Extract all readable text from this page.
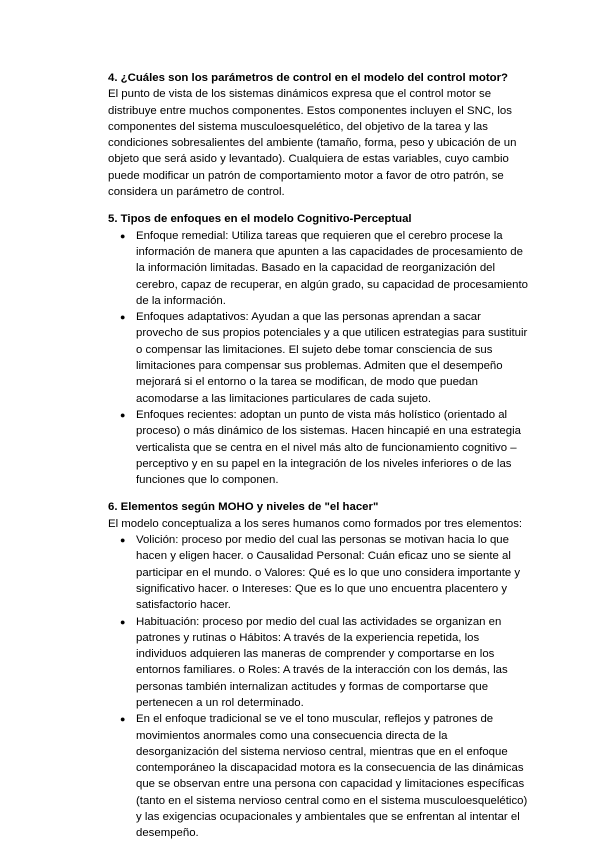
4. ¿Cuáles son los parámetros de control en el modelo del control motor?

El punto de vista de los sistemas dinámicos expresa que el control motor se distribuye entre muchos componentes. Estos componentes incluyen el SNC, los componentes del sistema musculoesquelético, del objetivo de la tarea y las condiciones sobresalientes del ambiente (tamaño, forma, peso y ubicación de un objeto que será asido y levantado). Cualquiera de estas variables, cuyo cambio puede modificar un patrón de comportamiento motor a favor de otro patrón, se considera un parámetro de control.

5. Tipos de enfoques en el modelo Cognitivo-Perceptual

● Enfoque remedial: Utiliza tareas que requieren que el cerebro procese la información de manera que apunten a las capacidades de procesamiento de la información limitadas. Basado en la capacidad de reorganización del cerebro, capaz de recuperar, en algún grado, su capacidad de procesamiento de la información.
● Enfoques adaptativos: Ayudan a que las personas aprendan a sacar provecho de sus propios potenciales y a que utilicen estrategias para sustituir o compensar las limitaciones. El sujeto debe tomar consciencia de sus limitaciones para compensar sus problemas. Admiten que el desempeño mejorará si el entorno o la tarea se modifican, de modo que puedan acomodarse a las limitaciones particulares de cada sujeto.
● Enfoques recientes: adoptan un punto de vista más holístico (orientado al proceso) o más dinámico de los sistemas. Hacen hincapié en una estrategia verticalista que se centra en el nivel más alto de funcionamiento cognitivo – perceptivo y en su papel en la integración de los niveles inferiores o de las funciones que lo componen.

6. Elementos según MOHO y niveles de "el hacer"

El modelo conceptualiza a los seres humanos como formados por tres elementos:

● Volición: proceso por medio del cual las personas se motivan hacia lo que hacen y eligen hacer. o Causalidad Personal: Cuán eficaz uno se siente al participar en el mundo. o Valores: Qué es lo que uno considera importante y significativo hacer. o Intereses: Que es lo que uno encuentra placentero y satisfactorio hacer.
● Habituación: proceso por medio del cual las actividades se organizan en patrones y rutinas o Hábitos: A través de la experiencia repetida, los individuos adquieren las maneras de comprender y comportarse en los entornos familiares. o Roles: A través de la interacción con los demás, las personas también internalizan actitudes y formas de comportarse que pertenecen a un rol determinado.
● En el enfoque tradicional se ve el tono muscular, reflejos y patrones de movimientos anormales como una consecuencia directa de la desorganización del sistema nervioso central, mientras que en el enfoque contemporáneo la discapacidad motora es la consecuencia de las dinámicas que se observan entre una persona con capacidad y limitaciones específicas (tanto en el sistema nervioso central como en el sistema musculoesquelético) y las exigencias ocupacionales y ambientales que se enfrentan al intentar el desempeño.
